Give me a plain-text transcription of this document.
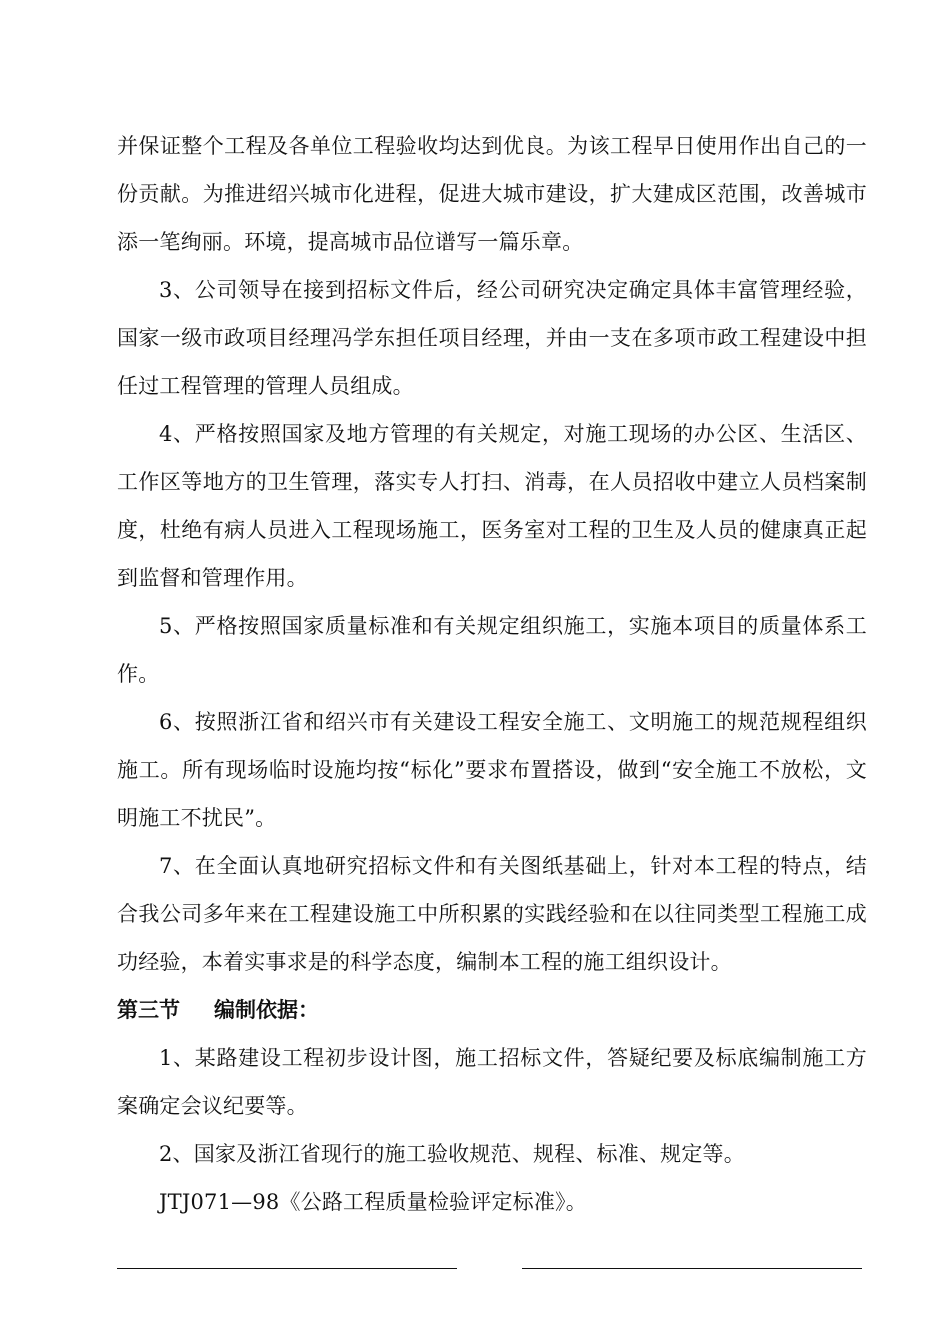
并保证整个工程及各单位工程验收均达到优良。为该工程早日使用作出自己的一份贡献。为推进绍兴城市化进程，促进大城市建设，扩大建成区范围，改善城市添一笔绚丽。环境，提高城市品位谱写一篇乐章。

3、公司领导在接到招标文件后，经公司研究决定确定具体丰富管理经验，国家一级市政项目经理冯学东担任项目经理，并由一支在多项市政工程建设中担任过工程管理的管理人员组成。

4、严格按照国家及地方管理的有关规定，对施工现场的办公区、生活区、工作区等地方的卫生管理，落实专人打扫、消毒，在人员招收中建立人员档案制度，杜绝有病人员进入工程现场施工，医务室对工程的卫生及人员的健康真正起到监督和管理作用。

5、严格按照国家质量标准和有关规定组织施工，实施本项目的质量体系工作。

6、按照浙江省和绍兴市有关建设工程安全施工、文明施工的规范规程组织施工。所有现场临时设施均按“标化”要求布置搭设，做到“安全施工不放松，文明施工不扰民”。

7、在全面认真地研究招标文件和有关图纸基础上，针对本工程的特点，结合我公司多年来在工程建设施工中所积累的实践经验和在以往同类型工程施工成功经验，本着实事求是的科学态度，编制本工程的施工组织设计。

第三节 编制依据：

1、某路建设工程初步设计图，施工招标文件，答疑纪要及标底编制施工方案确定会议纪要等。

2、国家及浙江省现行的施工验收规范、规程、标准、规定等。

JTJ071—98《公路工程质量检验评定标准》。
